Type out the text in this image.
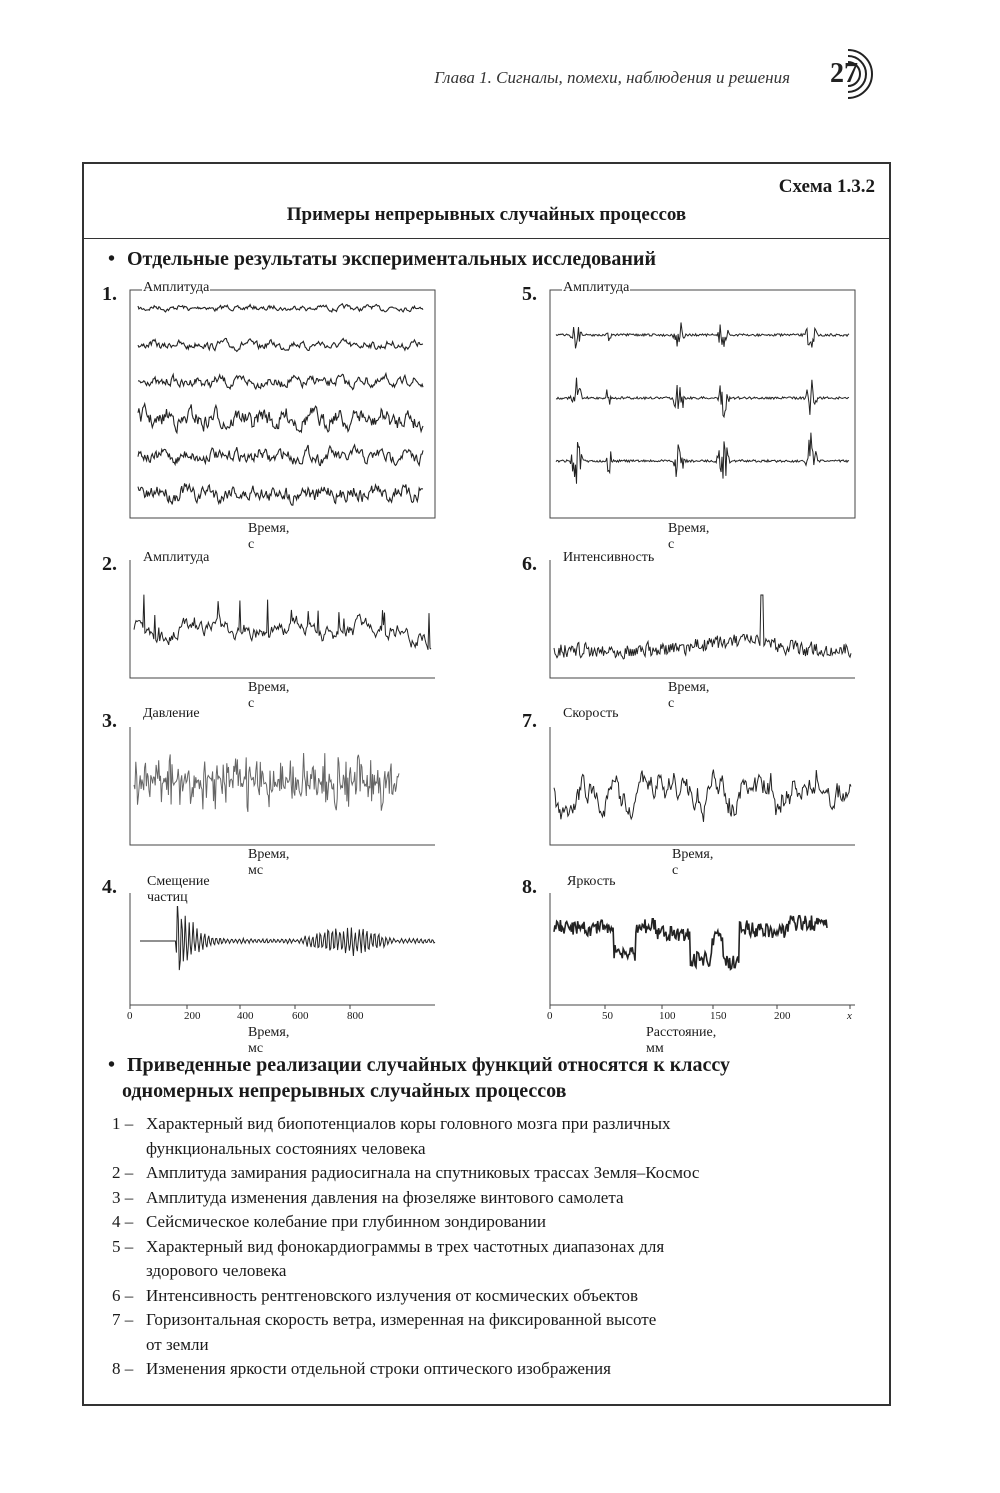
Глава 1. Сигналы, помехи, наблюдения и решения 27
Схема 1.3.2
Примеры непрерывных случайных процессов
• Отдельные результаты экспериментальных исследований
1. Амплитуда
Время, с
2. Амплитуда
Время, с
3. Давление
Время, мс
4.
0	200	400	600	800
Смещение частиц
Время, мс
5. Амплитуда
Время, с
6. Интенсивность
Время, с
7. Скорость
Время, с
8.
0	50	100	150	200	x
Яркость
Расстояние, мм
• Приведенные реализации случайных функций относятся к классу
одномерных непрерывных случайных процессов
1 – Характерный вид биопотенциалов коры головного мозга при различных
функциональных состояниях человека
2 – Амплитуда замирания радиосигнала на спутниковых трассах Земля–Космос
3 – Амплитуда изменения давления на фюзеляже винтового самолета
4 – Сейсмическое колебание при глубинном зондировании
5 – Характерный вид фонокардиограммы в трех частотных диапазонах для
здорового человека
6 – Интенсивность рентгеновского излучения от космических объектов
7 – Горизонтальная скорость ветра, измеренная на фиксированной высоте
от земли
8 – Изменения яркости отдельной строки оптического изображения
